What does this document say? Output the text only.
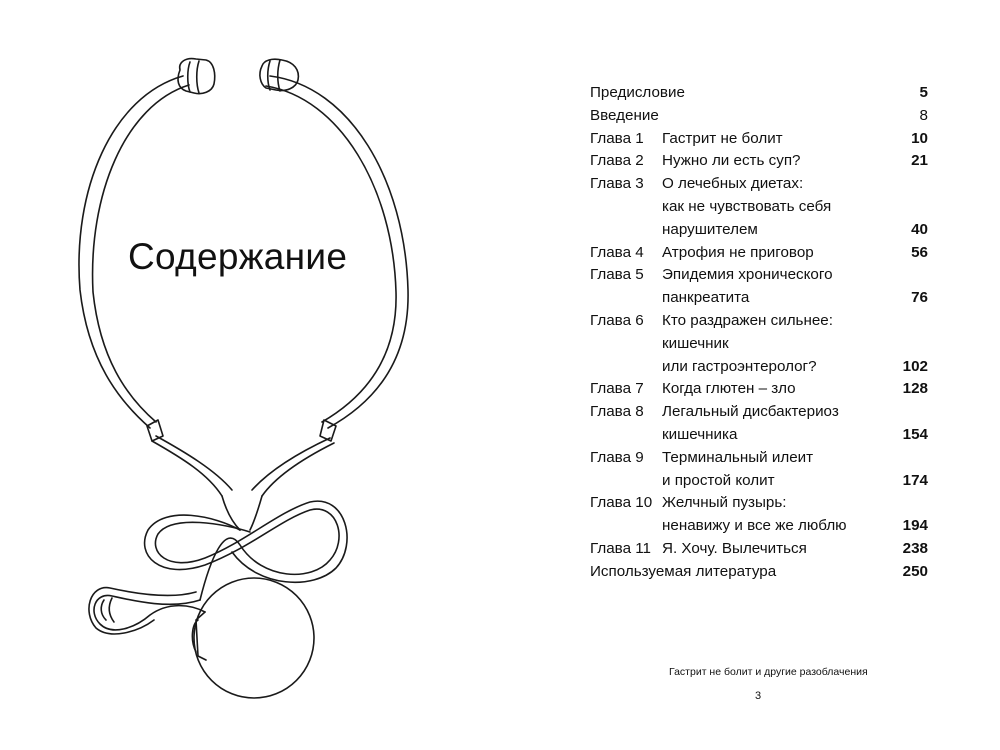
Содержание
Предисловие	5
Введение	8
Глава 1 Гастрит не болит	10
Глава 2 Нужно ли есть суп?	21
Глава 3 О лечебных диетах:
как не чувствовать себя
нарушителем	40
Глава 4 Атрофия не приговор	56
Глава 5 Эпидемия хронического
панкреатита	76
Глава 6 Кто раздражен сильнее:
кишечник
или гастроэнтеролог?	102
Глава 7 Когда глютен – зло	128
Глава 8 Легальный дисбактериоз
кишечника	154
Глава 9 Терминальный илеит
и простой колит	174
Глава 10 Желчный пузырь:
ненавижу и все же люблю	194
Глава 11 Я. Хочу. Вылечиться	238
Используемая литература	250
Гастрит не болит и другие разоблачения
3
